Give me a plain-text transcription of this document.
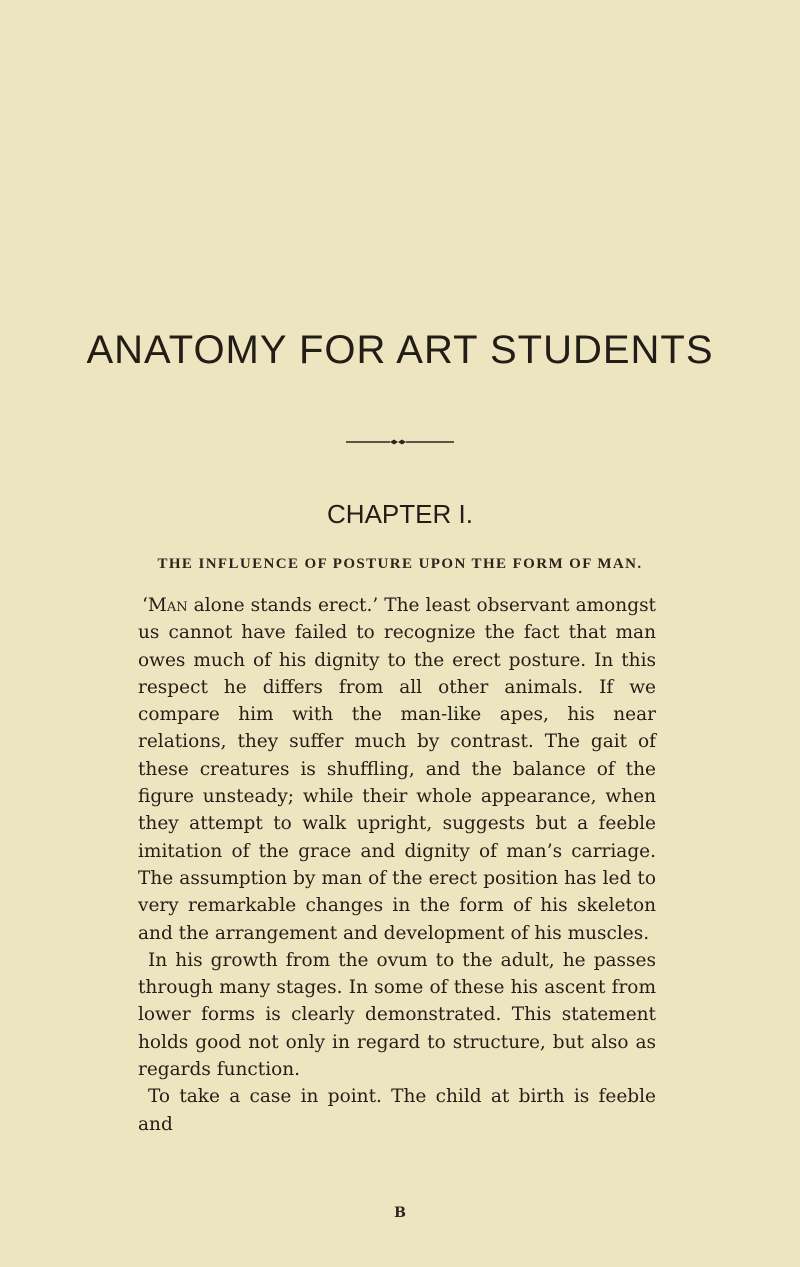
ANATOMY FOR ART STUDENTS
CHAPTER I.
THE INFLUENCE OF POSTURE UPON THE FORM OF MAN.

‘Man alone stands erect.’ The least observant amongst us cannot have failed to recognize the fact that man owes much of his dignity to the erect posture. In this respect he differs from all other animals. If we compare him with the man-like apes, his near relations, they suffer much by contrast. The gait of these creatures is shuffling, and the balance of the figure unsteady; while their whole appearance, when they attempt to walk upright, suggests but a feeble imitation of the grace and dignity of man’s carriage. The assumption by man of the erect position has led to very remarkable changes in the form of his skeleton and the arrangement and development of his muscles.

In his growth from the ovum to the adult, he passes through many stages. In some of these his ascent from lower forms is clearly demonstrated. This statement holds good not only in regard to structure, but also as regards function.

To take a case in point. The child at birth is feeble and

B
